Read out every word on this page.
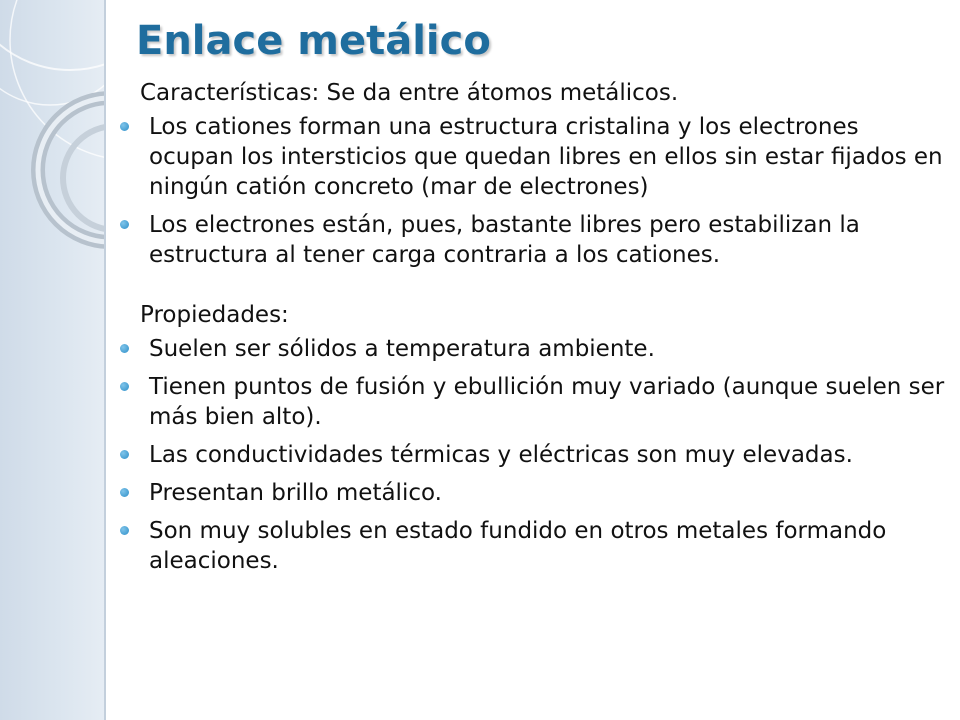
Enlace metálico

Características: Se da entre átomos metálicos.

Los cationes forman una estructura cristalina y los electrones ocupan los intersticios que quedan libres en ellos sin estar fijados en ningún catión concreto (mar de electrones)
Los electrones están, pues, bastante libres pero estabilizan la estructura al tener carga contraria a los cationes.

Propiedades:

Suelen ser sólidos a temperatura ambiente.
Tienen puntos de fusión y ebullición muy variado (aunque suelen ser más bien alto).
Las conductividades térmicas y eléctricas son muy elevadas.
Presentan brillo metálico.
Son muy solubles en estado fundido en otros metales formando aleaciones.
